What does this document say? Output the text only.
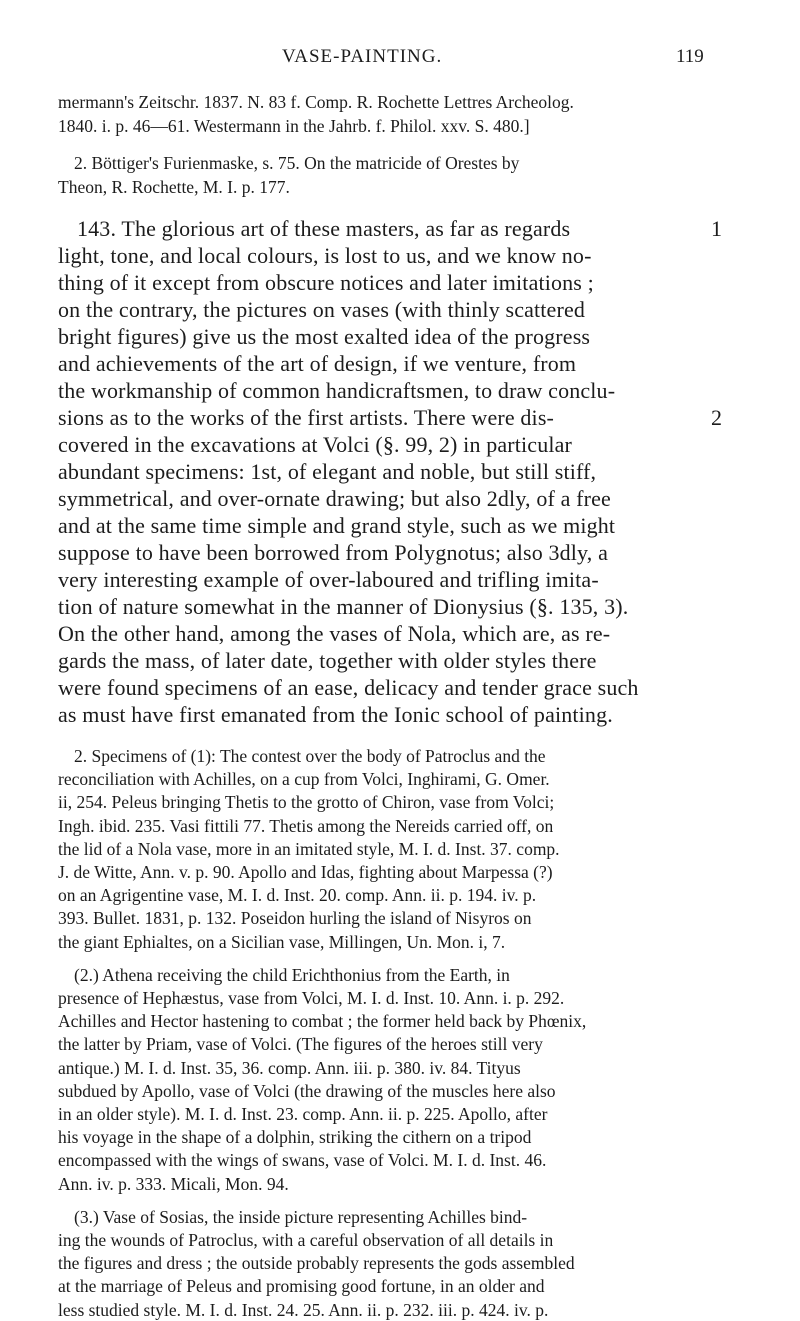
VASE-PAINTING.	119
mermann's Zeitschr. 1837. N. 83 f. Comp. R. Rochette Lettres Archeolog.
1840. i. p. 46—61. Westermann in the Jahrb. f. Philol. xxv. S. 480.]
2. Böttiger's Furienmaske, s. 75. On the matricide of Orestes by
Theon, R. Rochette, M. I. p. 177.
143. The glorious art of these masters, as far as regards
light, tone, and local colours, is lost to us, and we know no-
thing of it except from obscure notices and later imitations ;
on the contrary, the pictures on vases (with thinly scattered
bright figures) give us the most exalted idea of the progress
and achievements of the art of design, if we venture, from
the workmanship of common handicraftsmen, to draw conclu-
sions as to the works of the first artists. There were dis-
covered in the excavations at Volci (§. 99, 2) in particular
abundant specimens: 1st, of elegant and noble, but still stiff,
symmetrical, and over-ornate drawing; but also 2dly, of a free
and at the same time simple and grand style, such as we might
suppose to have been borrowed from Polygnotus; also 3dly, a
very interesting example of over-laboured and trifling imita-
tion of nature somewhat in the manner of Dionysius (§. 135, 3).
On the other hand, among the vases of Nola, which are, as re-
gards the mass, of later date, together with older styles there
were found specimens of an ease, delicacy and tender grace such
as must have first emanated from the Ionic school of painting.
1
2
2. Specimens of (1): The contest over the body of Patroclus and the
reconciliation with Achilles, on a cup from Volci, Inghirami, G. Omer.
ii, 254. Peleus bringing Thetis to the grotto of Chiron, vase from Volci;
Ingh. ibid. 235. Vasi fittili 77. Thetis among the Nereids carried off, on
the lid of a Nola vase, more in an imitated style, M. I. d. Inst. 37. comp.
J. de Witte, Ann. v. p. 90. Apollo and Idas, fighting about Marpessa (?)
on an Agrigentine vase, M. I. d. Inst. 20. comp. Ann. ii. p. 194. iv. p.
393. Bullet. 1831, p. 132. Poseidon hurling the island of Nisyros on
the giant Ephialtes, on a Sicilian vase, Millingen, Un. Mon. i, 7.
(2.) Athena receiving the child Erichthonius from the Earth, in
presence of Hephæstus, vase from Volci, M. I. d. Inst. 10. Ann. i. p. 292.
Achilles and Hector hastening to combat ; the former held back by Phœnix,
the latter by Priam, vase of Volci. (The figures of the heroes still very
antique.) M. I. d. Inst. 35, 36. comp. Ann. iii. p. 380. iv. 84. Tityus
subdued by Apollo, vase of Volci (the drawing of the muscles here also
in an older style). M. I. d. Inst. 23. comp. Ann. ii. p. 225. Apollo, after
his voyage in the shape of a dolphin, striking the cithern on a tripod
encompassed with the wings of swans, vase of Volci. M. I. d. Inst. 46.
Ann. iv. p. 333. Micali, Mon. 94.
(3.) Vase of Sosias, the inside picture representing Achilles bind-
ing the wounds of Patroclus, with a careful observation of all details in
the figures and dress ; the outside probably represents the gods assembled
at the marriage of Peleus and promising good fortune, in an older and
less studied style. M. I. d. Inst. 24. 25. Ann. ii. p. 232. iii. p. 424. iv. p.
